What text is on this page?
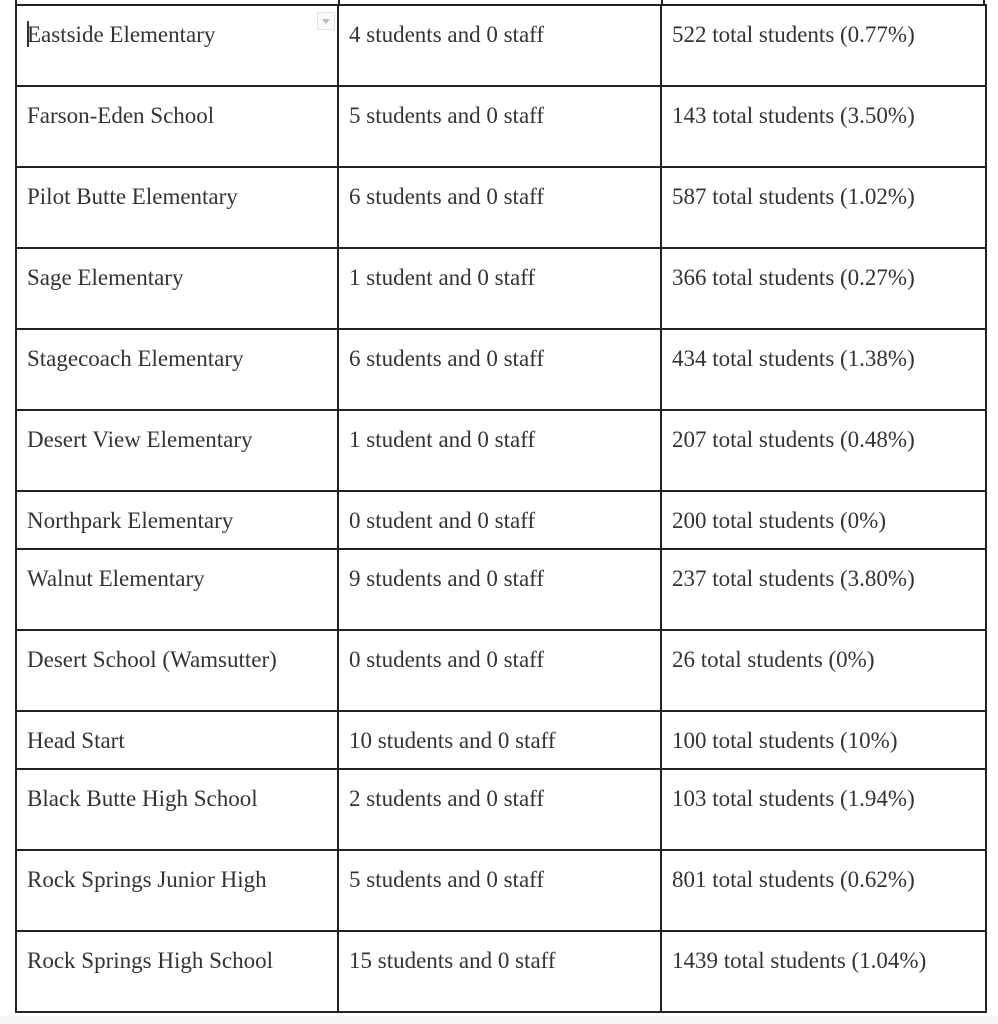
Eastside Elementary	4 students and 0 staff	522 total students (0.77%)
Farson-Eden School	5 students and 0 staff	143 total students (3.50%)
Pilot Butte Elementary	6 students and 0 staff	587 total students (1.02%)
Sage Elementary	1 student and 0 staff	366 total students (0.27%)
Stagecoach Elementary	6 students and 0 staff	434 total students (1.38%)
Desert View Elementary	1 student and 0 staff	207 total students (0.48%)
Northpark Elementary	0 student and 0 staff	200 total students (0%)
Walnut Elementary	9 students and 0 staff	237 total students (3.80%)
Desert School (Wamsutter)	0 students and 0 staff	26 total students (0%)
Head Start	10 students and 0 staff	100 total students (10%)
Black Butte High School	2 students and 0 staff	103 total students (1.94%)
Rock Springs Junior High	5 students and 0 staff	801 total students (0.62%)
Rock Springs High School	15 students and 0 staff	1439 total students (1.04%)
